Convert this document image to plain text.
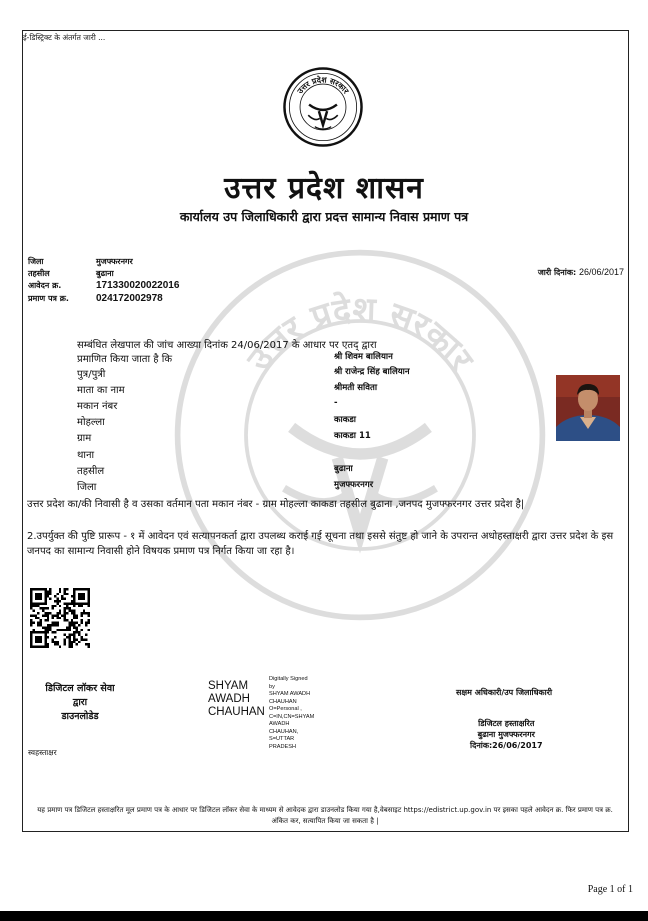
ई-डिस्ट्रिक्ट के अंतर्गत जारी ...
उत्तर प्रदेश सरकार
उत्तर प्रदेश सरकार
उत्तर प्रदेश शासन
कार्यालय उप जिलाधिकारी द्वारा प्रदत्त सामान्य निवास प्रमाण पत्र
जिला	मुजफ्फरनगर
तहसील	बुढाना
आवेदन क्र.	171330020022016
प्रमाण पत्र क्र.	024172002978
जारी दिनांक: 26/06/2017
सम्बंधित लेखपाल की जांच आख्या दिनांक 24/06/2017 के आधार पर एतद् द्वारा
प्रमाणित किया जाता है कि	श्री शिवम बालियान
पुत्र/पुत्री	श्री राजेन्द्र सिंह बालियान
माता का नाम	श्रीमती सविता
मकान नंबर	-
मोहल्ला	काकडा
ग्राम	काकडा 11
थाना
तहसील	बुढाना
जिला	मुजफ्फरनगर
उत्तर प्रदेश का/की निवासी है व उसका वर्तमान पता मकान नंबर - ग्राम मोहल्ला काकडा तहसील बुढाना ,जनपद मुजफ्फरनगर उत्तर प्रदेश है|
2.उपर्युक्त की पुष्टि प्रारूप - १ में आवेदन एवं सत्यापनकर्ता द्वारा उपलब्ध कराई गई सूचना तथा इससे संतुष्ट हो जाने के उपरान्त अधोहस्ताक्षरी द्वारा उत्तर प्रदेश के इस जनपद का सामान्य निवासी होने विषयक प्रमाण पत्र निर्गत किया जा रहा है।
डिजिटल लॉकर सेवा
द्वारा
डाउनलोडेड
स्वहस्ताक्षर
SHYAM
AWADH
CHAUHAN
Digitally Signed
by
SHYAM AWADH
CHAUHAN
O=Personal ,
C=IN,CN=SHYAM
AWADH
CHAUHAN,
S=UTTAR
PRADESH
सक्षम अधिकारी/उप जिलाधिकारी
डिजिटल हस्ताक्षरित
बुढाना मुजफ्फरनगर
दिनांक:26/06/2017
यह प्रमाण पत्र डिजिटल हस्ताक्षरित मूल प्रमाण पत्र के आधार पर डिजिटल लॉकर सेवा के माध्यम से आवेदक द्वारा डाउनलोड किया गया है,वेबसाइट https://edistrict.up.gov.in पर इसका पहले आवेदन क्र. फिर प्रमाण पत्र क्र. अंकित कर, सत्यापित किया जा सकता है |
Page 1 of 1
